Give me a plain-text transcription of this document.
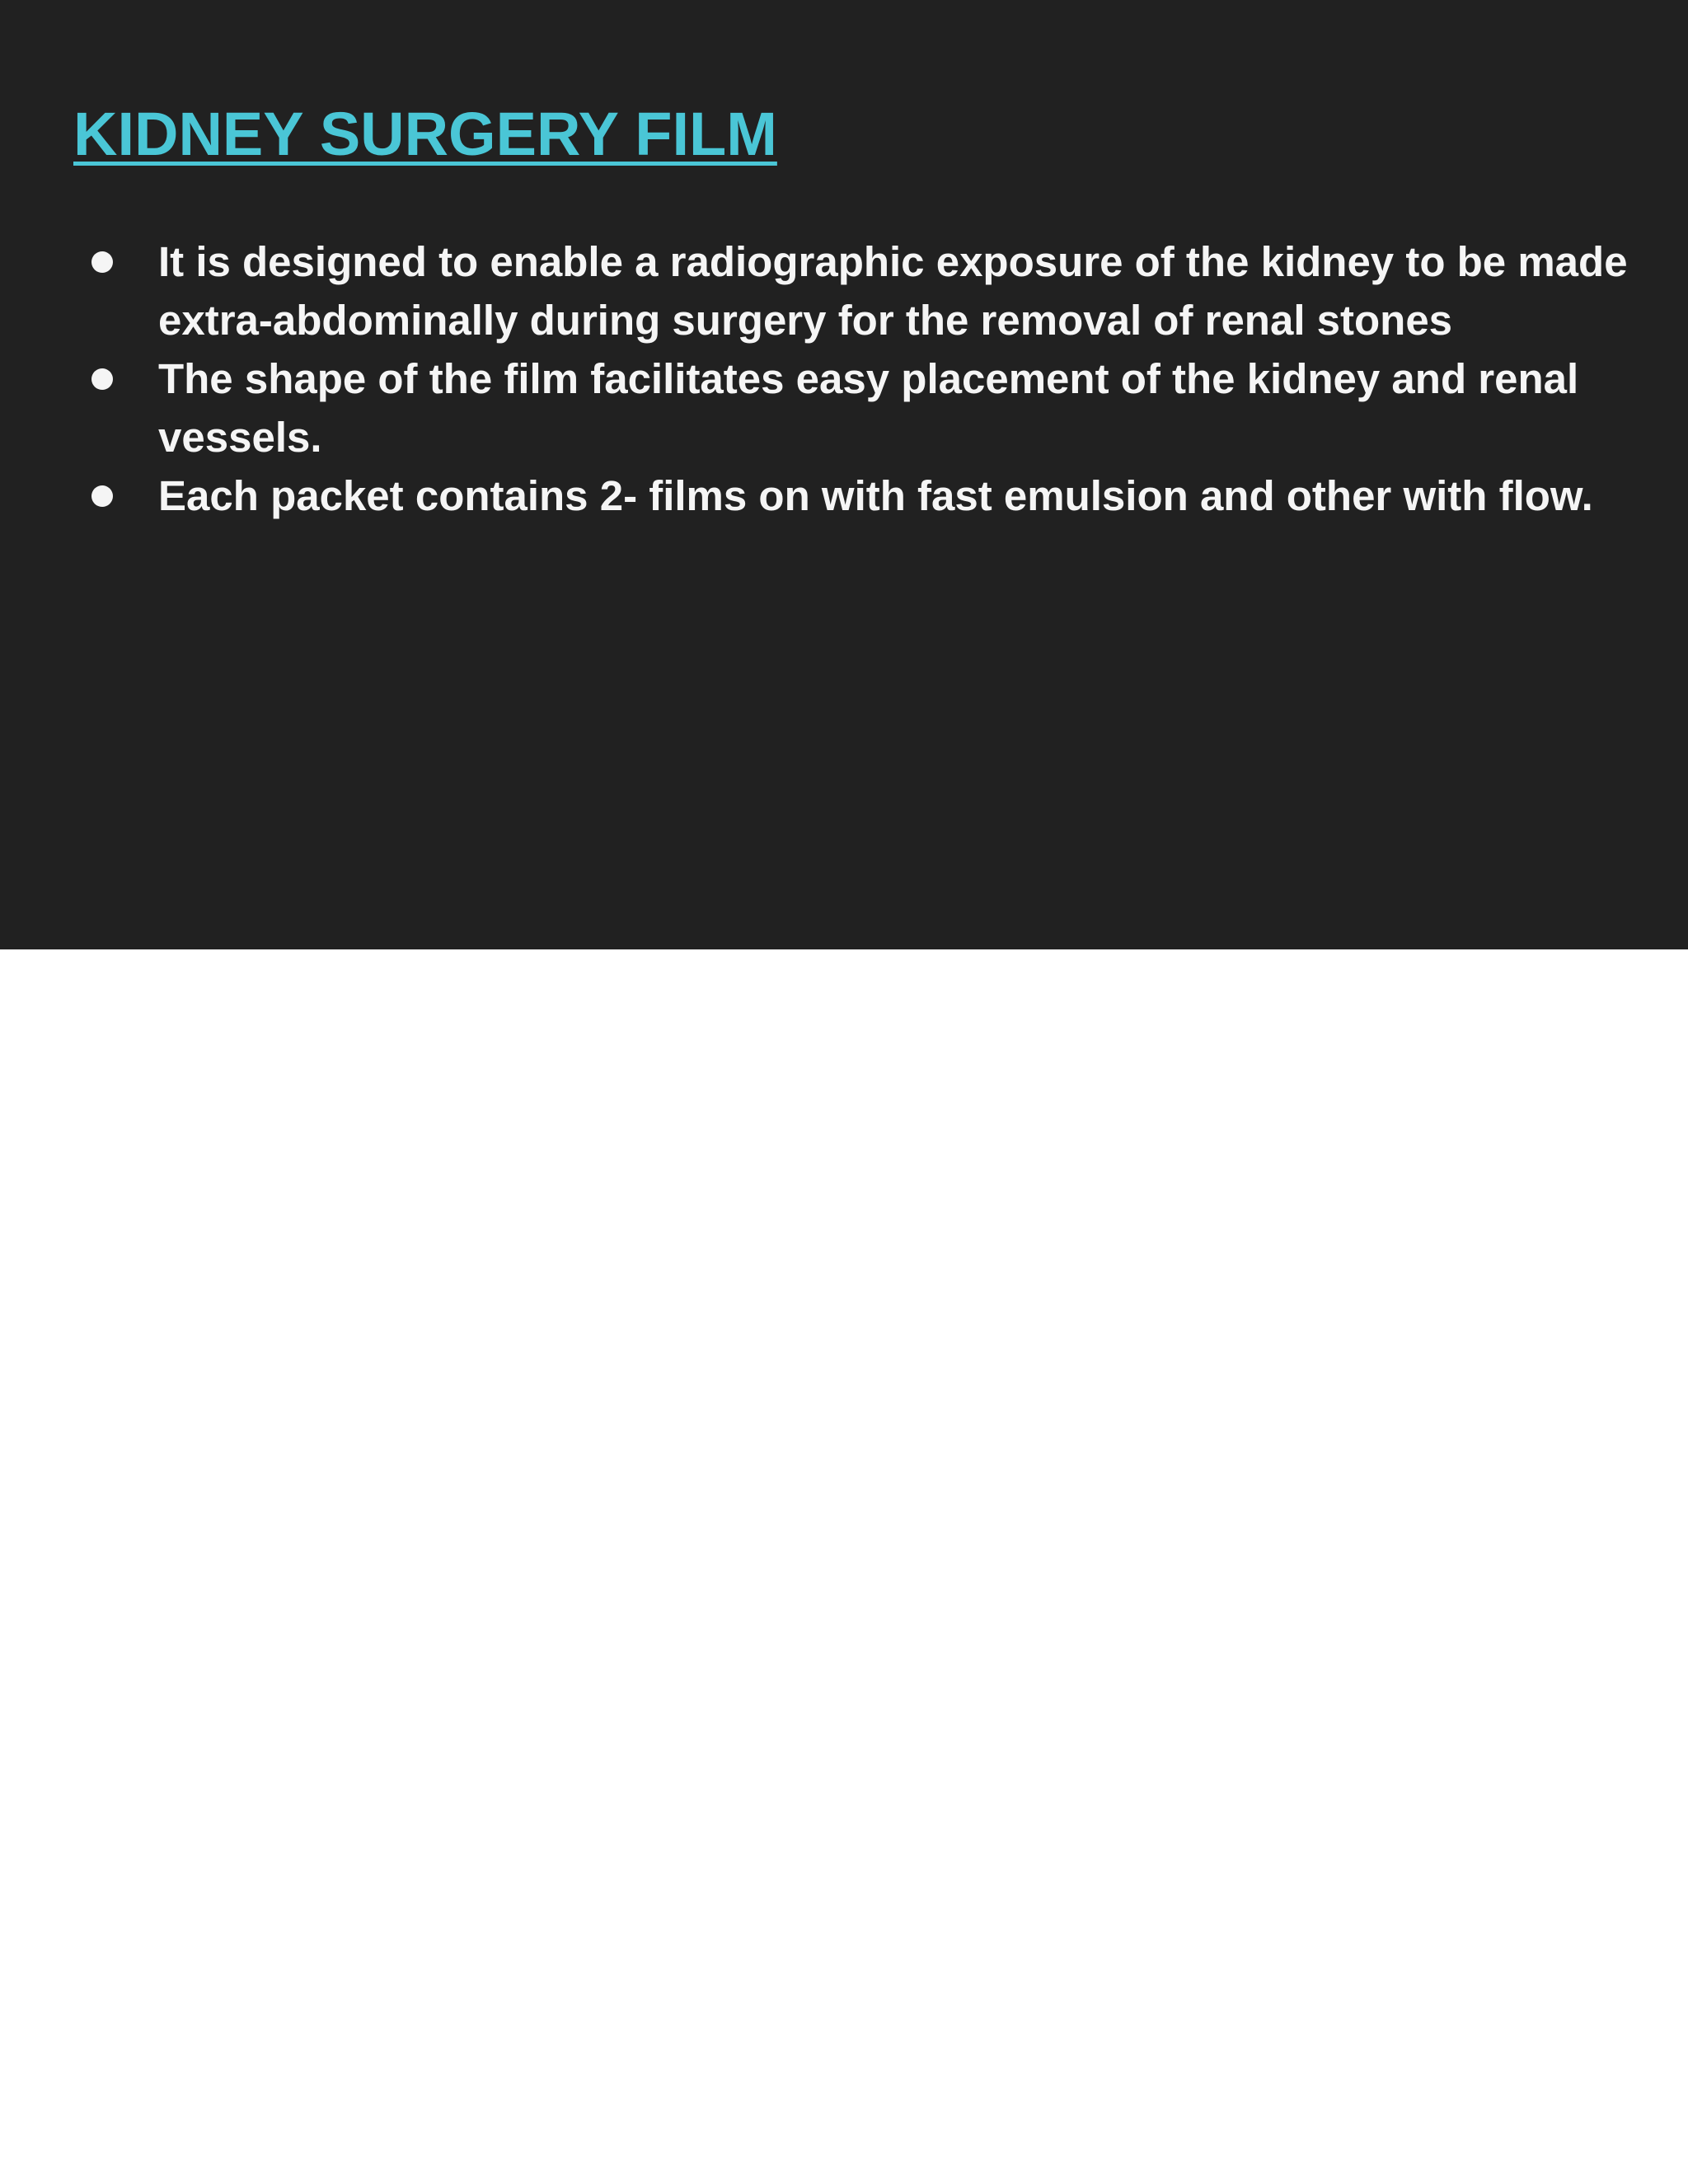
KIDNEY SURGERY FILM
It is designed to enable a radiographic exposure of the kidney to be made extra-abdominally during surgery for the removal of renal stones
The shape of the film facilitates easy placement of the kidney and renal vessels.
Each packet contains 2- films on with fast emulsion and other with flow.
